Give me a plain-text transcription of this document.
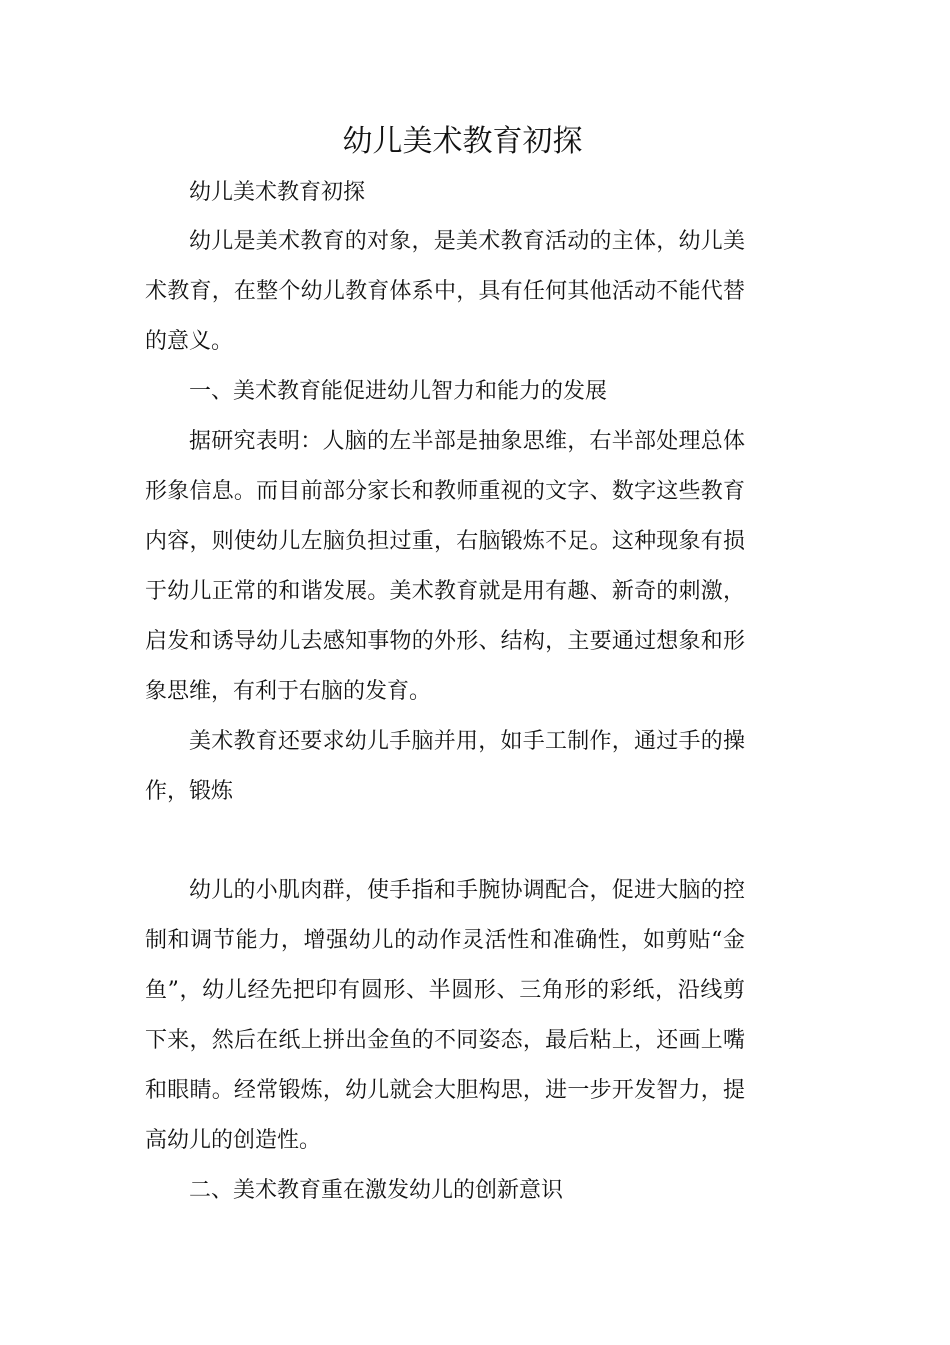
幼儿美术教育初探

幼儿美术教育初探

幼儿是美术教育的对象，是美术教育活动的主体，幼儿美术教育，在整个幼儿教育体系中，具有任何其他活动不能代替的意义。

一、美术教育能促进幼儿智力和能力的发展

据研究表明：人脑的左半部是抽象思维，右半部处理总体形象信息。而目前部分家长和教师重视的文字、数字这些教育内容，则使幼儿左脑负担过重，右脑锻炼不足。这种现象有损于幼儿正常的和谐发展。美术教育就是用有趣、新奇的刺激，启发和诱导幼儿去感知事物的外形、结构，主要通过想象和形象思维，有利于右脑的发育。

美术教育还要求幼儿手脑并用，如手工制作，通过手的操作，锻炼

幼儿的小肌肉群，使手指和手腕协调配合，促进大脑的控制和调节能力，增强幼儿的动作灵活性和准确性，如剪贴“金鱼”，幼儿经先把印有圆形、半圆形、三角形的彩纸，沿线剪下来，然后在纸上拼出金鱼的不同姿态，最后粘上，还画上嘴和眼睛。经常锻炼，幼儿就会大胆构思，进一步开发智力，提高幼儿的创造性。

二、美术教育重在激发幼儿的创新意识
